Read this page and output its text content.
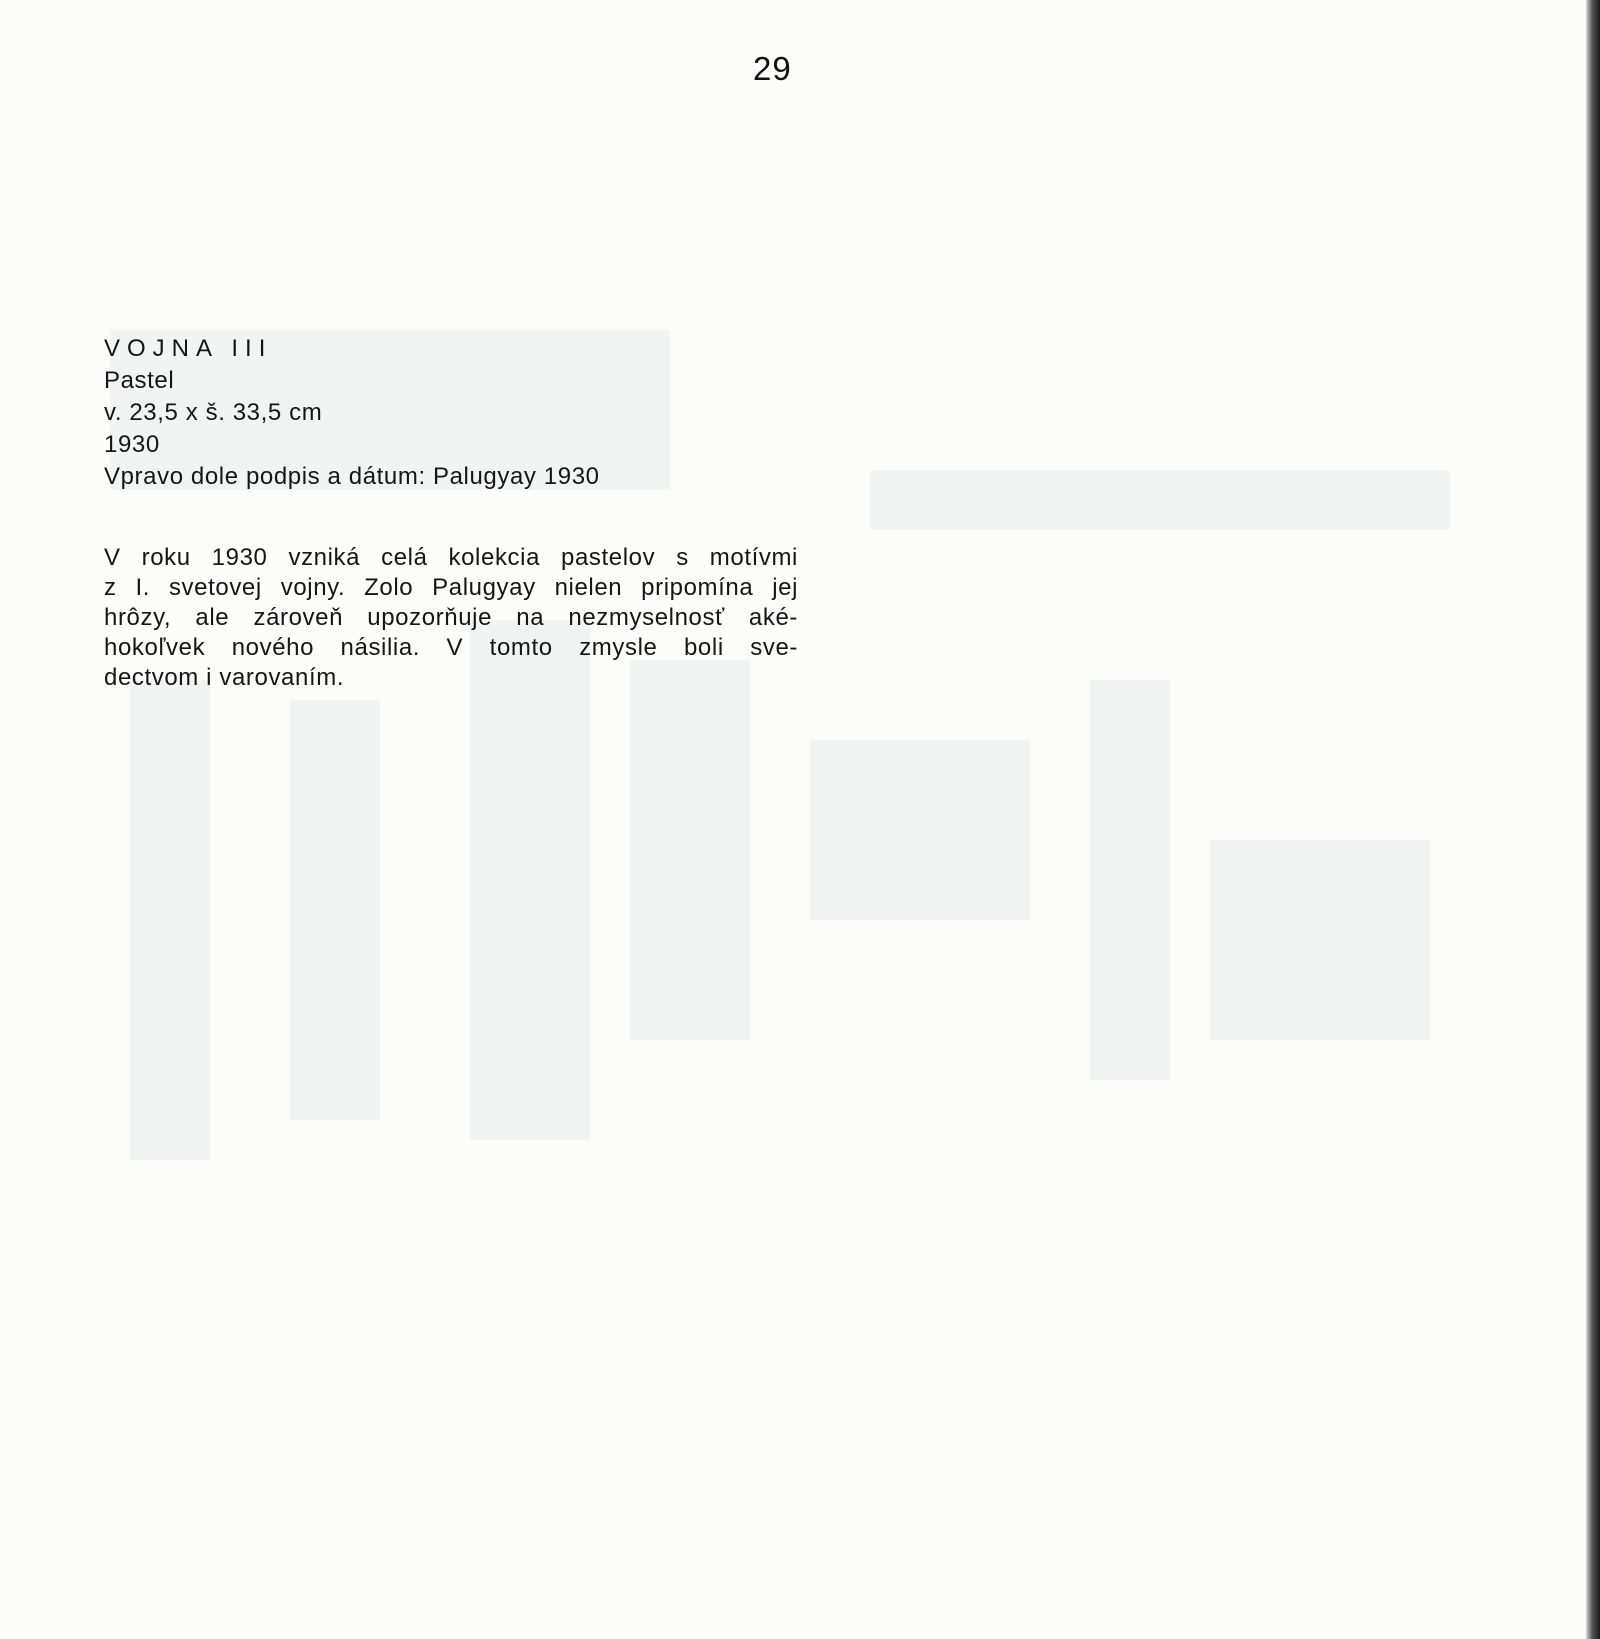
29
VOJNA III
Pastel
v. 23,5 x š. 33,5 cm
1930
Vpravo dole podpis a dátum: Palugyay 1930
V roku 1930 vzniká celá kolekcia pastelov s motívmi
z I. svetovej vojny. Zolo Palugyay nielen pripomína jej
hrôzy, ale zároveň upozorňuje na nezmyselnosť aké-
hokoľvek nového násilia. V tomto zmysle boli sve-
dectvom i varovaním.
